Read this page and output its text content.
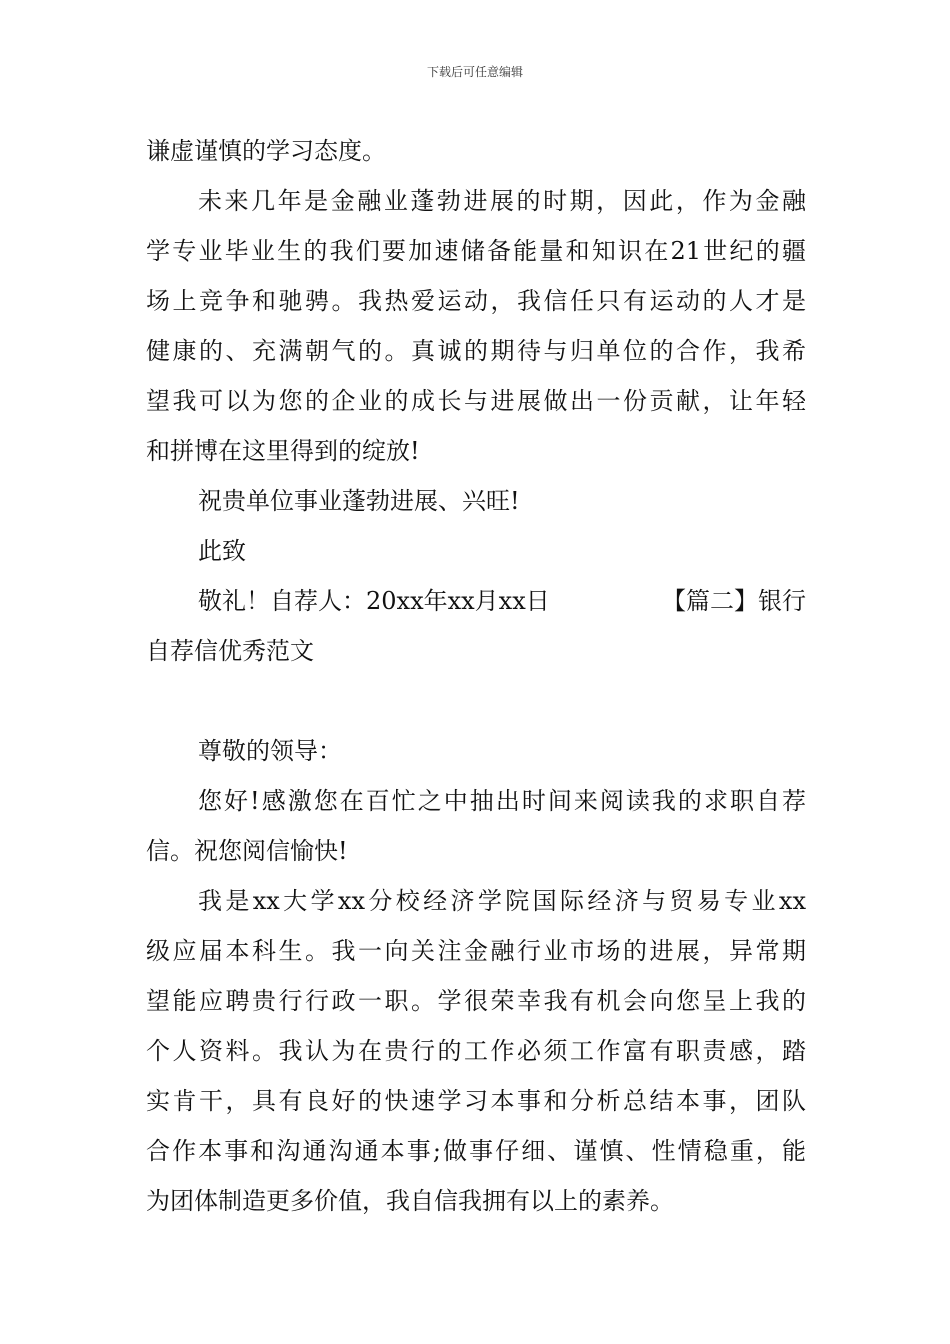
下载后可任意编辑
谦虚谨慎的学习态度。
未来几年是金融业蓬勃进展的时期，因此，作为金融
学专业毕业生的我们要加速储备能量和知识在21世纪的疆
场上竞争和驰骋。我热爱运动，我信任只有运动的人才是
健康的、充满朝气的。真诚的期待与归单位的合作，我希
望我可以为您的企业的成长与进展做出一份贡献，让年轻
和拼博在这里得到的绽放!
祝贵单位事业蓬勃进展、兴旺!
此致
敬礼！自荐人：20xx年xx月xx日	【篇二】银行
自荐信优秀范文
尊敬的领导：
您好!感激您在百忙之中抽出时间来阅读我的求职自荐
信。祝您阅信愉快!
我是xx大学xx分校经济学院国际经济与贸易专业xx
级应届本科生。我一向关注金融行业市场的进展，异常期
望能应聘贵行行政一职。学很荣幸我有机会向您呈上我的
个人资料。我认为在贵行的工作必须工作富有职责感，踏
实肯干，具有良好的快速学习本事和分析总结本事，团队
合作本事和沟通沟通本事;做事仔细、谨慎、性情稳重，能
为团体制造更多价值，我自信我拥有以上的素养。
